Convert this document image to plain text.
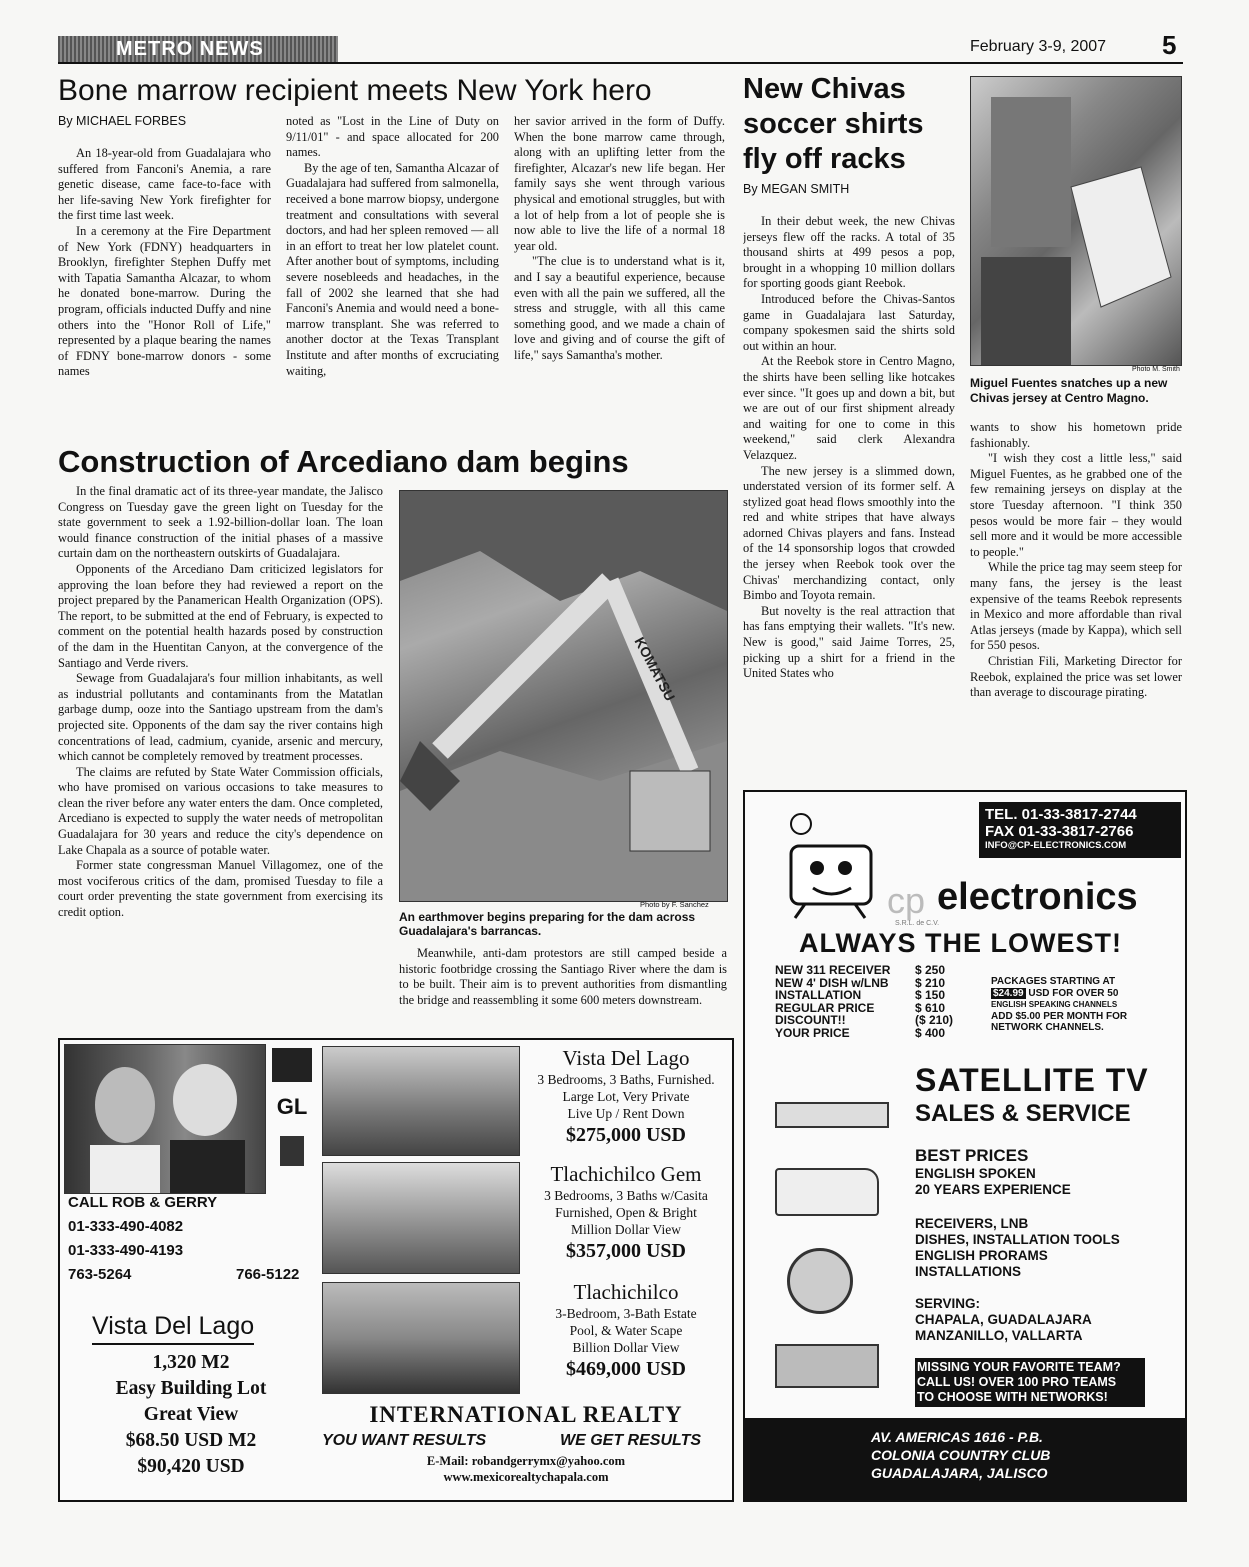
METRO NEWS	February 3-9, 2007 5
Bone marrow recipient meets New York hero
By MICHAEL FORBES

An 18-year-old from Guadalajara who suffered from Fanconi's Anemia, a rare genetic disease, came face-to-face with her life-saving New York firefighter for the first time last week.

In a ceremony at the Fire Department of New York (FDNY) headquarters in Brooklyn, firefighter Stephen Duffy met with Tapatia Samantha Alcazar, to whom he donated bone-marrow. During the program, officials inducted Duffy and nine others into the "Honor Roll of Life," represented by a plaque bearing the names of FDNY bone-marrow donors - some names

noted as "Lost in the Line of Duty on 9/11/01" - and space allocated for 200 names.

By the age of ten, Samantha Alcazar of Guadalajara had suffered from salmonella, received a bone marrow biopsy, undergone treatment and consultations with several doctors, and had her spleen removed — all in an effort to treat her low platelet count. After another bout of symptoms, including severe nosebleeds and headaches, in the fall of 2002 she learned that she had Fanconi's Anemia and would need a bone-marrow transplant. She was referred to another doctor at the Texas Transplant Institute and after months of excruciating waiting,

her savior arrived in the form of Duffy. When the bone marrow came through, along with an uplifting letter from the firefighter, Alcazar's new life began. Her family says she went through various physical and emotional struggles, but with a lot of help from a lot of people she is now able to live the life of a normal 18 year old.

"The clue is to understand what is it, and I say a beautiful experience, because even with all the pain we suffered, all the stress and struggle, with all this came something good, and we made a chain of love and giving and of course the gift of life," says Samantha's mother.

Construction of Arcediano dam begins

In the final dramatic act of its three-year mandate, the Jalisco Congress on Tuesday gave the green light on Tuesday for the state government to seek a 1.92-billion-dollar loan. The loan would finance construction of the initial phases of a massive curtain dam on the northeastern outskirts of Guadalajara.

Opponents of the Arcediano Dam criticized legislators for approving the loan before they had reviewed a report on the project prepared by the Panamerican Health Organization (OPS). The report, to be submitted at the end of February, is expected to comment on the potential health hazards posed by construction of the dam in the Huentitan Canyon, at the convergence of the Santiago and Verde rivers.

Sewage from Guadalajara's four million inhabitants, as well as industrial pollutants and contaminants from the Matatlan garbage dump, ooze into the Santiago upstream from the dam's projected site. Opponents of the dam say the river contains high concentrations of lead, cadmium, cyanide, arsenic and mercury, which cannot be completely removed by treatment processes.

The claims are refuted by State Water Commission officials, who have promised on various occasions to take measures to clean the river before any water enters the dam. Once completed, Arcediano is expected to supply the water needs of metropolitan Guadalajara for 30 years and reduce the city's dependence on Lake Chapala as a source of potable water.

Former state congressman Manuel Villagomez, one of the most vociferous critics of the dam, promised Tuesday to file a court order preventing the state government from exercising its credit option.

KOMATSU
Photo by F. Sanchez
An earthmover begins preparing for the dam across Guadalajara's barrancas.

Meanwhile, anti-dam protestors are still camped beside a historic footbridge crossing the Santiago River where the dam is to be built. Their aim is to prevent authorities from dismantling the bridge and reassembling it some 600 meters downstream.

New Chivas soccer shirts fly off racks
By MEGAN SMITH
Photo M. Smith
Miguel Fuentes snatches up a new Chivas jersey at Centro Magno.

In their debut week, the new Chivas jerseys flew off the racks. A total of 35 thousand shirts at 499 pesos a pop, brought in a whopping 10 million dollars for sporting goods giant Reebok.

Introduced before the Chivas-Santos game in Guadalajara last Saturday, company spokesmen said the shirts sold out within an hour.

At the Reebok store in Centro Magno, the shirts have been selling like hotcakes ever since. "It goes up and down a bit, but we are out of our first shipment already and waiting for one to come in this weekend," said clerk Alexandra Velazquez.

The new jersey is a slimmed down, understated version of its former self. A stylized goat head flows smoothly into the red and white stripes that have always adorned Chivas players and fans. Instead of the 14 sponsorship logos that crowded the jersey when Reebok took over the Chivas' merchandizing contact, only Bimbo and Toyota remain.

But novelty is the real attraction that has fans emptying their wallets. "It's new. New is good," said Jaime Torres, 25, picking up a shirt for a friend in the United States who

wants to show his hometown pride fashionably.

"I wish they cost a little less," said Miguel Fuentes, as he grabbed one of the few remaining jerseys on display at the store Tuesday afternoon. "I think 350 pesos would be more fair – they would sell more and it would be more accessible to people."

While the price tag may seem steep for many fans, the jersey is the least expensive of the teams Reebok represents in Mexico and more affordable than rival Atlas jerseys (made by Kappa), which sell for 550 pesos.

Christian Fili, Marketing Director for Reebok, explained the price was set lower than average to discourage pirating.

GL
CALL ROB & GERRY
01-333-490-4082
01-333-490-4193
763-5264	766-5122
Vista Del Lago
1,320 M2
Easy Building Lot
Great View
$68.50 USD M2
$90,420 USD
Vista Del Lago
3 Bedrooms, 3 Baths, Furnished.
Large Lot, Very Private
Live Up / Rent Down
$275,000 USD
Tlachichilco Gem
3 Bedrooms, 3 Baths w/Casita
Furnished, Open & Bright
Million Dollar View
$357,000 USD
Tlachichilco
3-Bedroom, 3-Bath Estate
Pool, & Water Scape
Billion Dollar View
$469,000 USD
INTERNATIONAL REALTY
YOU WANT RESULTS	WE GET RESULTS
E-Mail: robandgerrymx@yahoo.com
www.mexicorealtychapala.com
TEL. 01-33-3817-2744
FAX 01-33-3817-2766
INFO@CP-ELECTRONICS.COM
cp electronics
S.R.L. de C.V.
ALWAYS THE LOWEST!
NEW 311 RECEIVER	$ 250
NEW 4' DISH w/LNB	$ 210
INSTALLATION	$ 150
REGULAR PRICE	$ 610
DISCOUNT!!	($ 210)
YOUR PRICE	$ 400
PACKAGES STARTING AT
$24.99 USD FOR OVER 50
ENGLISH SPEAKING CHANNELS
ADD $5.00 PER MONTH FOR
NETWORK CHANNELS.
SATELLITE TV
SALES & SERVICE
BEST PRICES
ENGLISH SPOKEN
20 YEARS EXPERIENCE
RECEIVERS, LNB
DISHES, INSTALLATION TOOLS
ENGLISH PRORAMS
INSTALLATIONS
SERVING:
CHAPALA, GUADALAJARA
MANZANILLO, VALLARTA
MISSING YOUR FAVORITE TEAM?
CALL US! OVER 100 PRO TEAMS
TO CHOOSE WITH NETWORKS!
AV. AMERICAS 1616 - P.B.
COLONIA COUNTRY CLUB
GUADALAJARA, JALISCO
